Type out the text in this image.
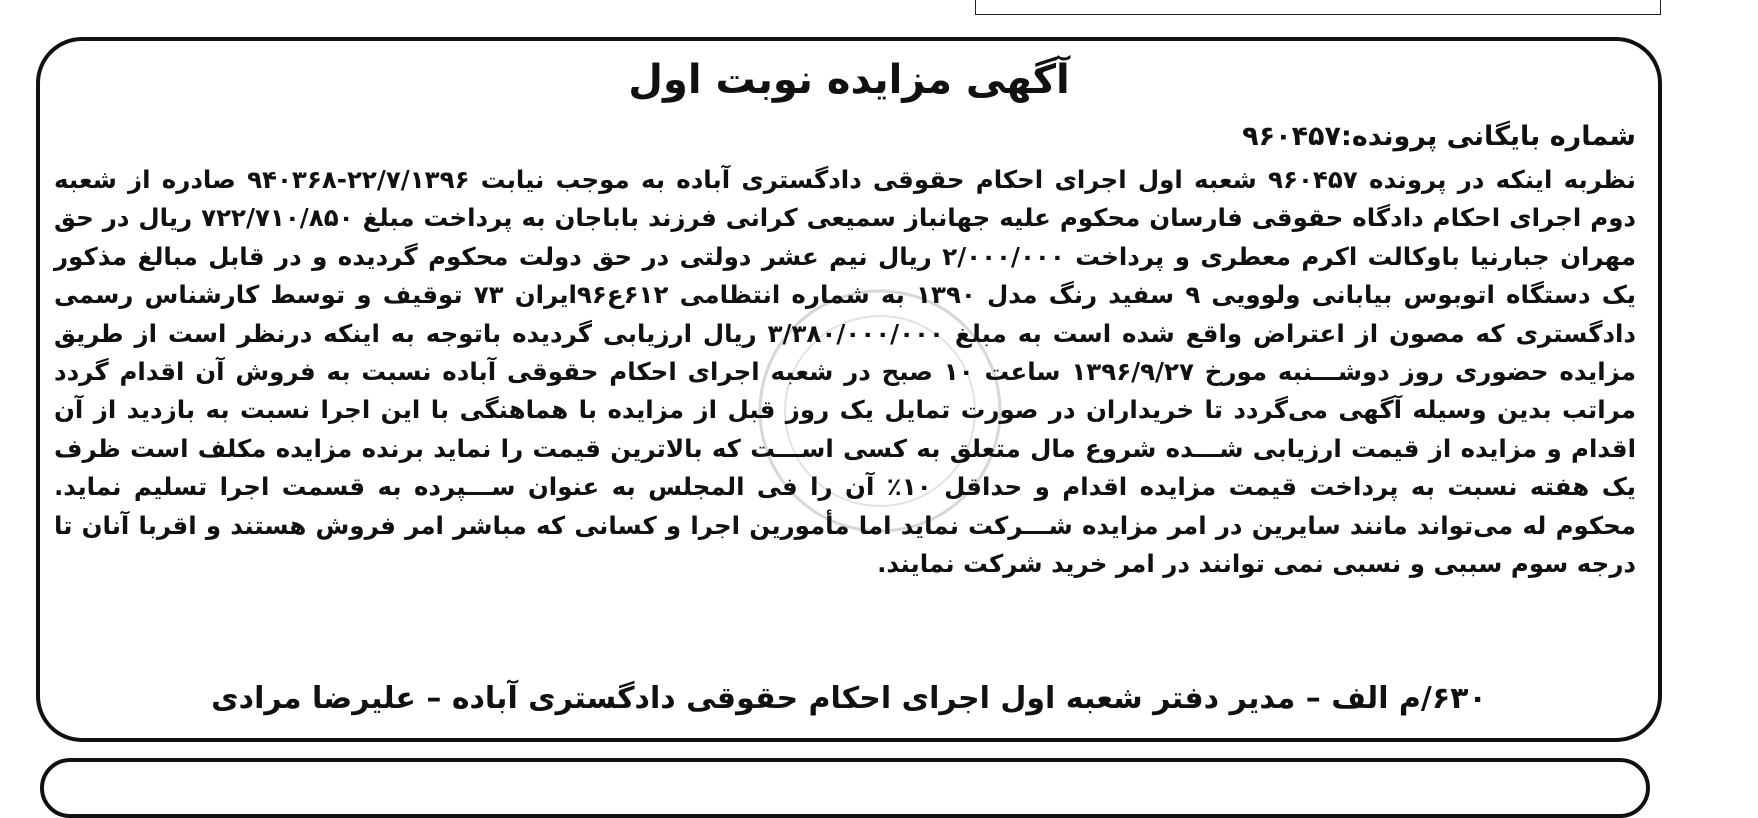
آگهی مزایده نوبت اول
شماره بایگانی پرونده:۹۶۰۴۵۷
نظربه اینکه در پرونده ۹۶۰۴۵۷ شعبه اول اجرای احکام حقوقی دادگستری آباده به موجب نیابت ۲۲/۷/۱۳۹۶-۹۴۰۳۶۸ صادره از شعبه دوم اجرای احکام دادگاه حقوقی فارسان محکوم علیه جهانباز سمیعی کرانی فرزند باباجان به پرداخت مبلغ ۷۲۲/۷۱۰/۸۵۰ ریال در حق مهران جبارنیا باوکالت اکرم معطری و پرداخت ۲/۰۰۰/۰۰۰ ریال نیم عشر دولتی در حق دولت محکوم گردیده و در قابل مبالغ مذکور یک دستگاه اتوبوس بیابانی ولوویی ۹ سفید رنگ مدل ۱۳۹۰ به شماره انتظامی ۶۱۲ع۹۶ایران ۷۳ توقیف و توسط کارشناس رسمی دادگستری که مصون از اعتراض واقع شده است به مبلغ ۳/۳۸۰/۰۰۰/۰۰۰ ریال ارزیابی گردیده باتوجه به اینکه درنظر است از طریق مزایده حضوری روز دوشـــنبه مورخ ۱۳۹۶/۹/۲۷ ساعت ۱۰ صبح در شعبه اجرای احکام حقوقی آباده نسبت به فروش آن اقدام گردد مراتب بدین وسیله آگهی می‌گردد تا خریداران در صورت تمایل یک روز قبل از مزایده با هماهنگی با این اجرا نسبت به بازدید از آن اقدام و مزایده از قیمت ارزیابی شـــده شروع مال متعلق به کسی اســـت که بالاترین قیمت را نماید برنده مزایده مکلف است ظرف یک هفته نسبت به پرداخت قیمت مزایده اقدام و حداقل ۱۰٪ آن را فی المجلس به عنوان ســـپرده به قسمت اجرا تسلیم نماید. محکوم له می‌تواند مانند سایرین در امر مزایده شـــرکت نماید اما مأمورین اجرا و کسانی که مباشر امر فروش هستند و اقربا آنان تا درجه سوم سببی و نسبی نمی توانند در امر خرید شرکت نمایند.
۶۳۰/م الف – مدیر دفتر شعبه اول اجرای احکام حقوقی دادگستری آباده – علیرضا مرادی
